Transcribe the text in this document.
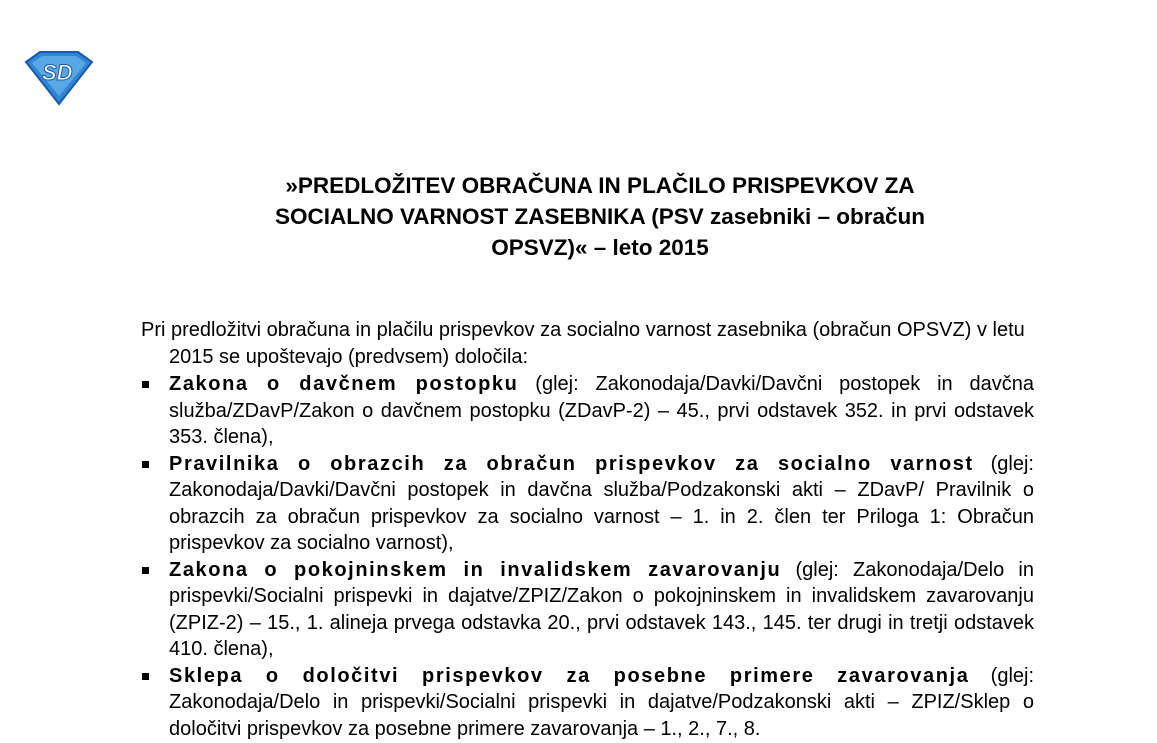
SD
»PREDLOŽITEV OBRAČUNA IN PLAČILO PRISPEVKOV ZA
SOCIALNO VARNOST ZASEBNIKA (PSV zasebniki – obračun
OPSVZ)« – leto 2015

Pri predložitvi obračuna in plačilu prispevkov za socialno varnost zasebnika (obračun OPSVZ) v letu 2015 se upoštevajo (predvsem) določila:

Zakona o davčnem postopku (glej: Zakonodaja/Davki/Davčni postopek in davčna služba/ZDavP/Zakon o davčnem postopku (ZDavP-2) – 45., prvi odstavek 352. in prvi odstavek 353. člena),
Pravilnika o obrazcih za obračun prispevkov za socialno varnost (glej: Zakonodaja/Davki/Davčni postopek in davčna služba/Podzakonski akti – ZDavP/ Pravilnik o obrazcih za obračun prispevkov za socialno varnost – 1. in 2. člen ter Priloga 1: Obračun prispevkov za socialno varnost),
Zakona o pokojninskem in invalidskem zavarovanju (glej: Zakonodaja/Delo in prispevki/Socialni prispevki in dajatve/ZPIZ/Zakon o pokojninskem in invalidskem zavarovanju (ZPIZ-2) – 15., 1. alineja prvega odstavka 20., prvi odstavek 143., 145. ter drugi in tretji odstavek 410. člena),
Sklepa o določitvi prispevkov za posebne primere zavarovanja (glej: Zakonodaja/Delo in prispevki/Socialni prispevki in dajatve/Podzakonski akti – ZPIZ/Sklep o določitvi prispevkov za posebne primere zavarovanja – 1., 2., 7., 8.
